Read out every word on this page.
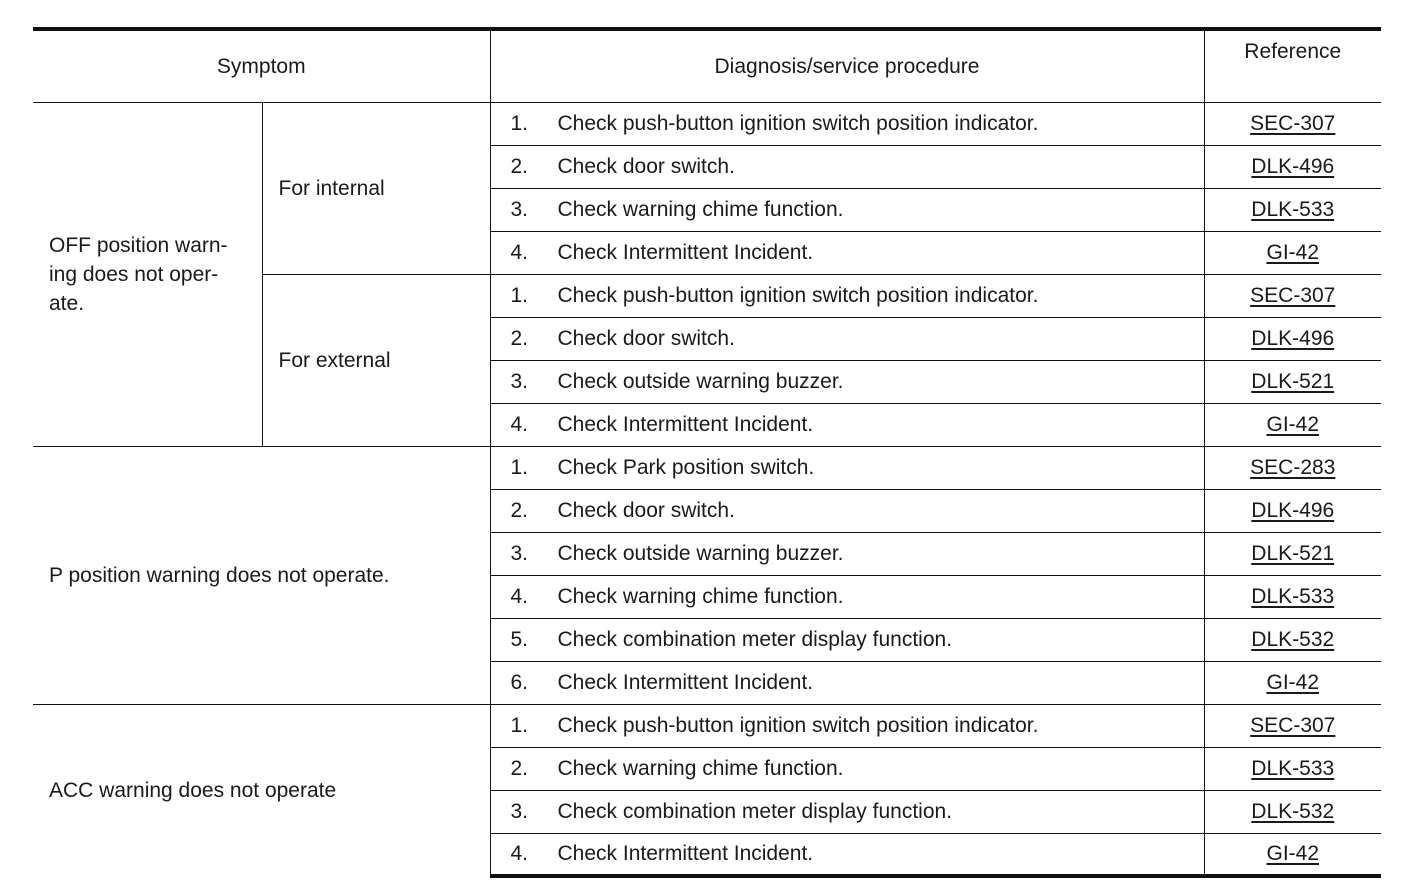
Symptom		Diagnosis/service procedure	Reference
OFF position warn-
ing does not oper-
ate.	For internal	1. Check push-button ignition switch position indicator.	SEC-307
		2. Check door switch.	DLK-496
		3. Check warning chime function.	DLK-533
		4. Check Intermittent Incident.	GI-42
	For external	1. Check push-button ignition switch position indicator.	SEC-307
		2. Check door switch.	DLK-496
		3. Check outside warning buzzer.	DLK-521
		4. Check Intermittent Incident.	GI-42
P position warning does not operate.		1. Check Park position switch.	SEC-283
		2. Check door switch.	DLK-496
		3. Check outside warning buzzer.	DLK-521
		4. Check warning chime function.	DLK-533
		5. Check combination meter display function.	DLK-532
		6. Check Intermittent Incident.	GI-42
ACC warning does not operate		1. Check push-button ignition switch position indicator.	SEC-307
		2. Check warning chime function.	DLK-533
		3. Check combination meter display function.	DLK-532
		4. Check Intermittent Incident.	GI-42
